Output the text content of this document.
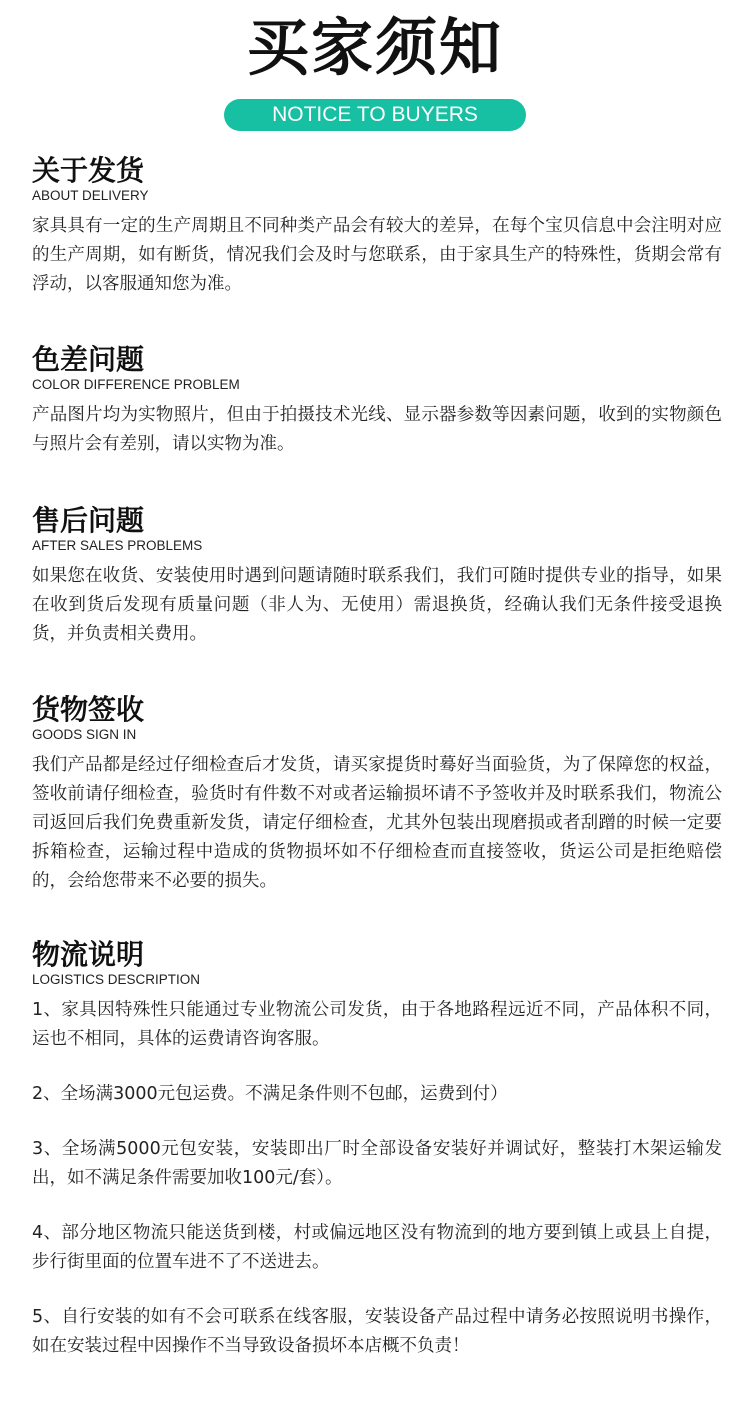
买家须知
NOTICE TO BUYERS
关于发货
ABOUT DELIVERY

家具具有一定的生产周期且不同种类产品会有较大的差异，在每个宝贝信息中会注明对应的生产周期，如有断货，情况我们会及时与您联系，由于家具生产的特殊性，货期会常有浮动，以客服通知您为准。

色差问题
COLOR DIFFERENCE PROBLEM

产品图片均为实物照片，但由于拍摄技术光线、显示器参数等因素问题，收到的实物颜色与照片会有差别，请以实物为准。

售后问题
AFTER SALES PROBLEMS

如果您在收货、安装使用时遇到问题请随时联系我们，我们可随时提供专业的指导，如果在收到货后发现有质量问题（非人为、无使用）需退换货，经确认我们无条件接受退换货，并负责相关费用。

货物签收
GOODS SIGN IN

我们产品都是经过仔细检查后才发货，请买家提货时蓦好当面验货，为了保障您的权益，签收前请仔细检查，验货时有件数不对或者运输损坏请不予签收并及时联系我们，物流公司返回后我们免费重新发货，请定仔细检查，尤其外包装出现磨损或者刮蹭的时候一定要拆箱检查，运输过程中造成的货物损坏如不仔细检查而直接签收，货运公司是拒绝赔偿的，会给您带来不必要的损失。

物流说明
LOGISTICS DESCRIPTION

1、家具因特殊性只能通过专业物流公司发货，由于各地路程远近不同，产品体积不同，运也不相同，具体的运费请咨询客服。

2、全场满3000元包运费。不满足条件则不包邮，运费到付）

3、全场满5000元包安装，安装即出厂时全部设备安装好并调试好，整装打木架运输发出，如不满足条件需要加收100元/套）。

4、部分地区物流只能送货到楼，村或偏远地区没有物流到的地方要到镇上或县上自提，步行街里面的位置车进不了不送进去。

5、自行安装的如有不会可联系在线客服，安装设备产品过程中请务必按照说明书操作，如在安装过程中因操作不当导致设备损坏本店概不负责！
